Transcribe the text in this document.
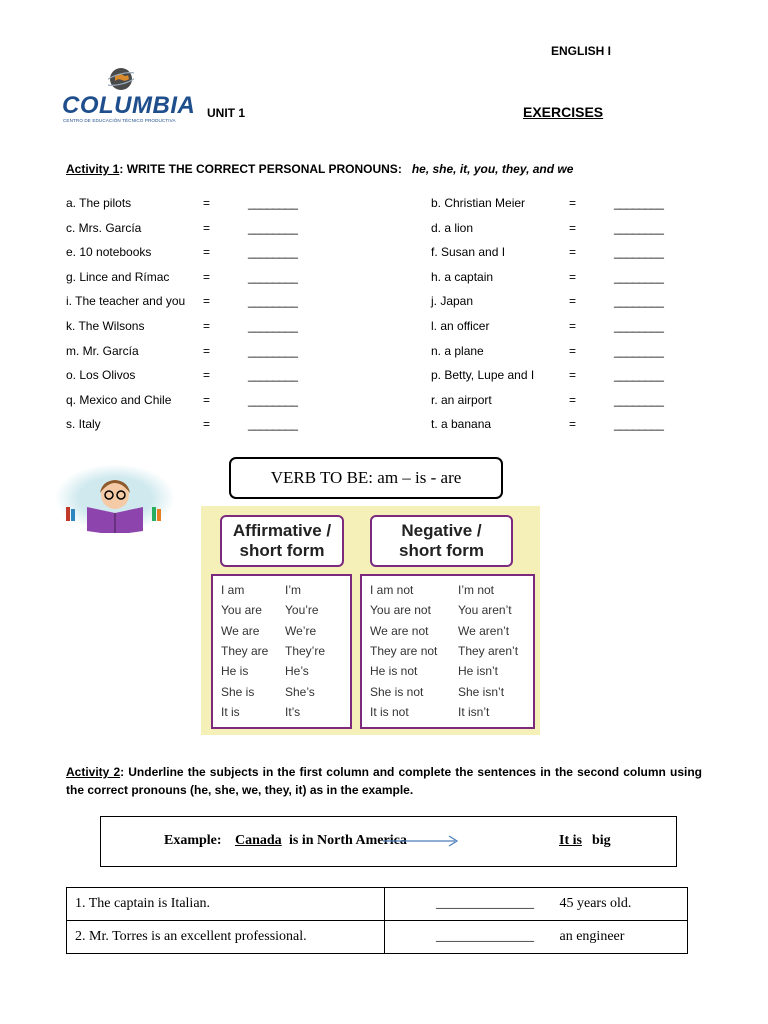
ENGLISH I
COLUMBIA
CENTRO DE EDUCACIÓN TÉCNICO PRODUCTIVA
UNIT 1	EXERCISES
Activity 1: WRITE THE CORRECT PERSONAL PRONOUNS: he, she, it, you, they, and we
a. The pilots	=	________
c. Mrs. García	=	________
e. 10 notebooks	=	________
g. Lince and Rímac	=	________
i. The teacher and you =	________
k. The Wilsons	=	________
m. Mr. García	=	________
o. Los Olivos	=	________
q. Mexico and Chile	=	________
s. Italy	=	________
b. Christian Meier	=	________
d. a lion	=	________
f. Susan and I	=	________
h. a captain	=	________
j. Japan	=	________
l. an officer	=	________
n. a plane	=	________
p. Betty, Lupe and I	=	________
r. an airport	=	________
t. a banana	=	________
VERB TO BE: am – is - are
Affirmative /
short form
Negative /
short form
I am	I’m
You are You’re
We are We’re
They are They’re
He is	He’s
She is	She’s
It is	It’s
I am not	I’m not
You are not You aren’t
We are not We aren’t
They are not They aren’t
He is not	He isn’t
She is not	She isn’t
It is not	It isn’t
Activity 2: Underline the subjects in the first column and complete the sentences in the second column using the correct pronouns (he, she, we, they, it) as in the example.
Example: Canada is in North America	It is big
1. The captain is Italian.	______________ 45 years old.
2. Mr. Torres is an excellent professional.	______________ an engineer
